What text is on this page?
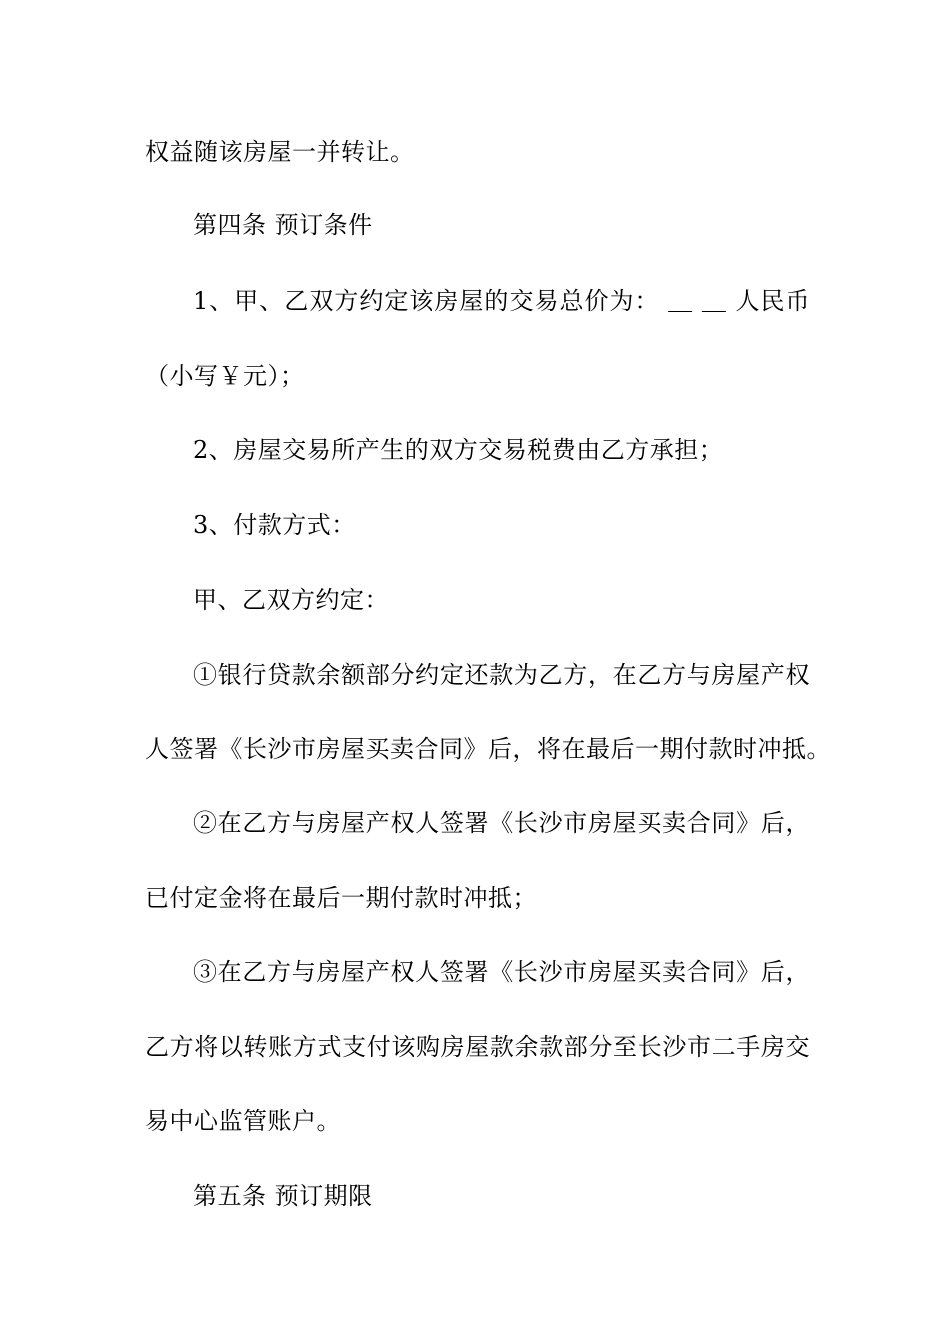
权益随该房屋一并转让。
第四条 预订条件
1、甲、乙双方约定该房屋的交易总价为： ＿ ＿ 人民币
（小写￥元）；
2、房屋交易所产生的双方交易税费由乙方承担；
3、付款方式：
甲、乙双方约定：
①银行贷款余额部分约定还款为乙方，在乙方与房屋产权
人签署《长沙市房屋买卖合同》后，将在最后一期付款时冲抵。
②在乙方与房屋产权人签署《长沙市房屋买卖合同》后，
已付定金将在最后一期付款时冲抵；
③在乙方与房屋产权人签署《长沙市房屋买卖合同》后，
乙方将以转账方式支付该购房屋款余款部分至长沙市二手房交
易中心监管账户。
第五条 预订期限
